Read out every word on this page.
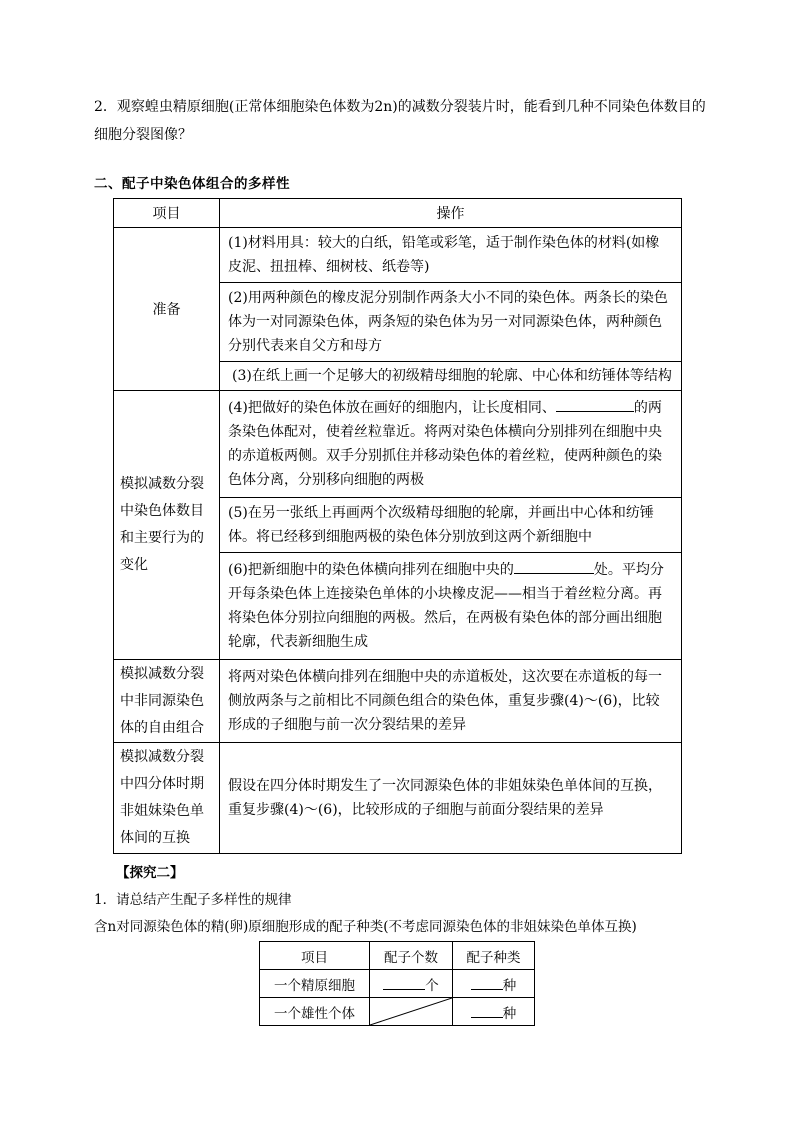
2．观察蝗虫精原细胞(正常体细胞染色体数为2n)的减数分裂装片时，能看到几种不同染色体数目的细胞分裂图像？
二、配子中染色体组合的多样性
项目	操作
准备	(1)材料用具：较大的白纸，铅笔或彩笔，适于制作染色体的材料(如橡皮泥、扭扭棒、细树枝、纸卷等)
	(2)用两种颜色的橡皮泥分别制作两条大小不同的染色体。两条长的染色体为一对同源染色体，两条短的染色体为另一对同源染色体，两种颜色分别代表来自父方和母方
	(3)在纸上画一个足够大的初级精母细胞的轮廓、中心体和纺锤体等结构
模拟减数分裂中染色体数目和主要行为的变化	(4)把做好的染色体放在画好的细胞内，让长度相同、 的两条染色体配对，使着丝粒靠近。将两对染色体横向分别排列在细胞中央的赤道板两侧。双手分别抓住并移动染色体的着丝粒，使两种颜色的染色体分离，分别移向细胞的两极
	(5)在另一张纸上再画两个次级精母细胞的轮廓，并画出中心体和纺锤体。将已经移到细胞两极的染色体分别放到这两个新细胞中
	(6)把新细胞中的染色体横向排列在细胞中央的 处。平均分开每条染色体上连接染色单体的小块橡皮泥——相当于着丝粒分离。再将染色体分别拉向细胞的两极。然后，在两极有染色体的部分画出细胞轮廓，代表新细胞生成
模拟减数分裂中非同源染色体的自由组合	将两对染色体横向排列在细胞中央的赤道板处，这次要在赤道板的每一侧放两条与之前相比不同颜色组合的染色体，重复步骤(4)～(6)，比较形成的子细胞与前一次分裂结果的差异
模拟减数分裂中四分体时期非姐妹染色单体间的互换	假设在四分体时期发生了一次同源染色体的非姐妹染色单体间的互换，重复步骤(4)～(6)，比较形成的子细胞与前面分裂结果的差异
【探究二】
1．请总结产生配子多样性的规律
含n对同源染色体的精(卵)原细胞形成的配子种类(不考虑同源染色体的非姐妹染色单体互换)
项目	配子个数	配子种类
一个精原细胞	个	种
一个雄性个体		种
